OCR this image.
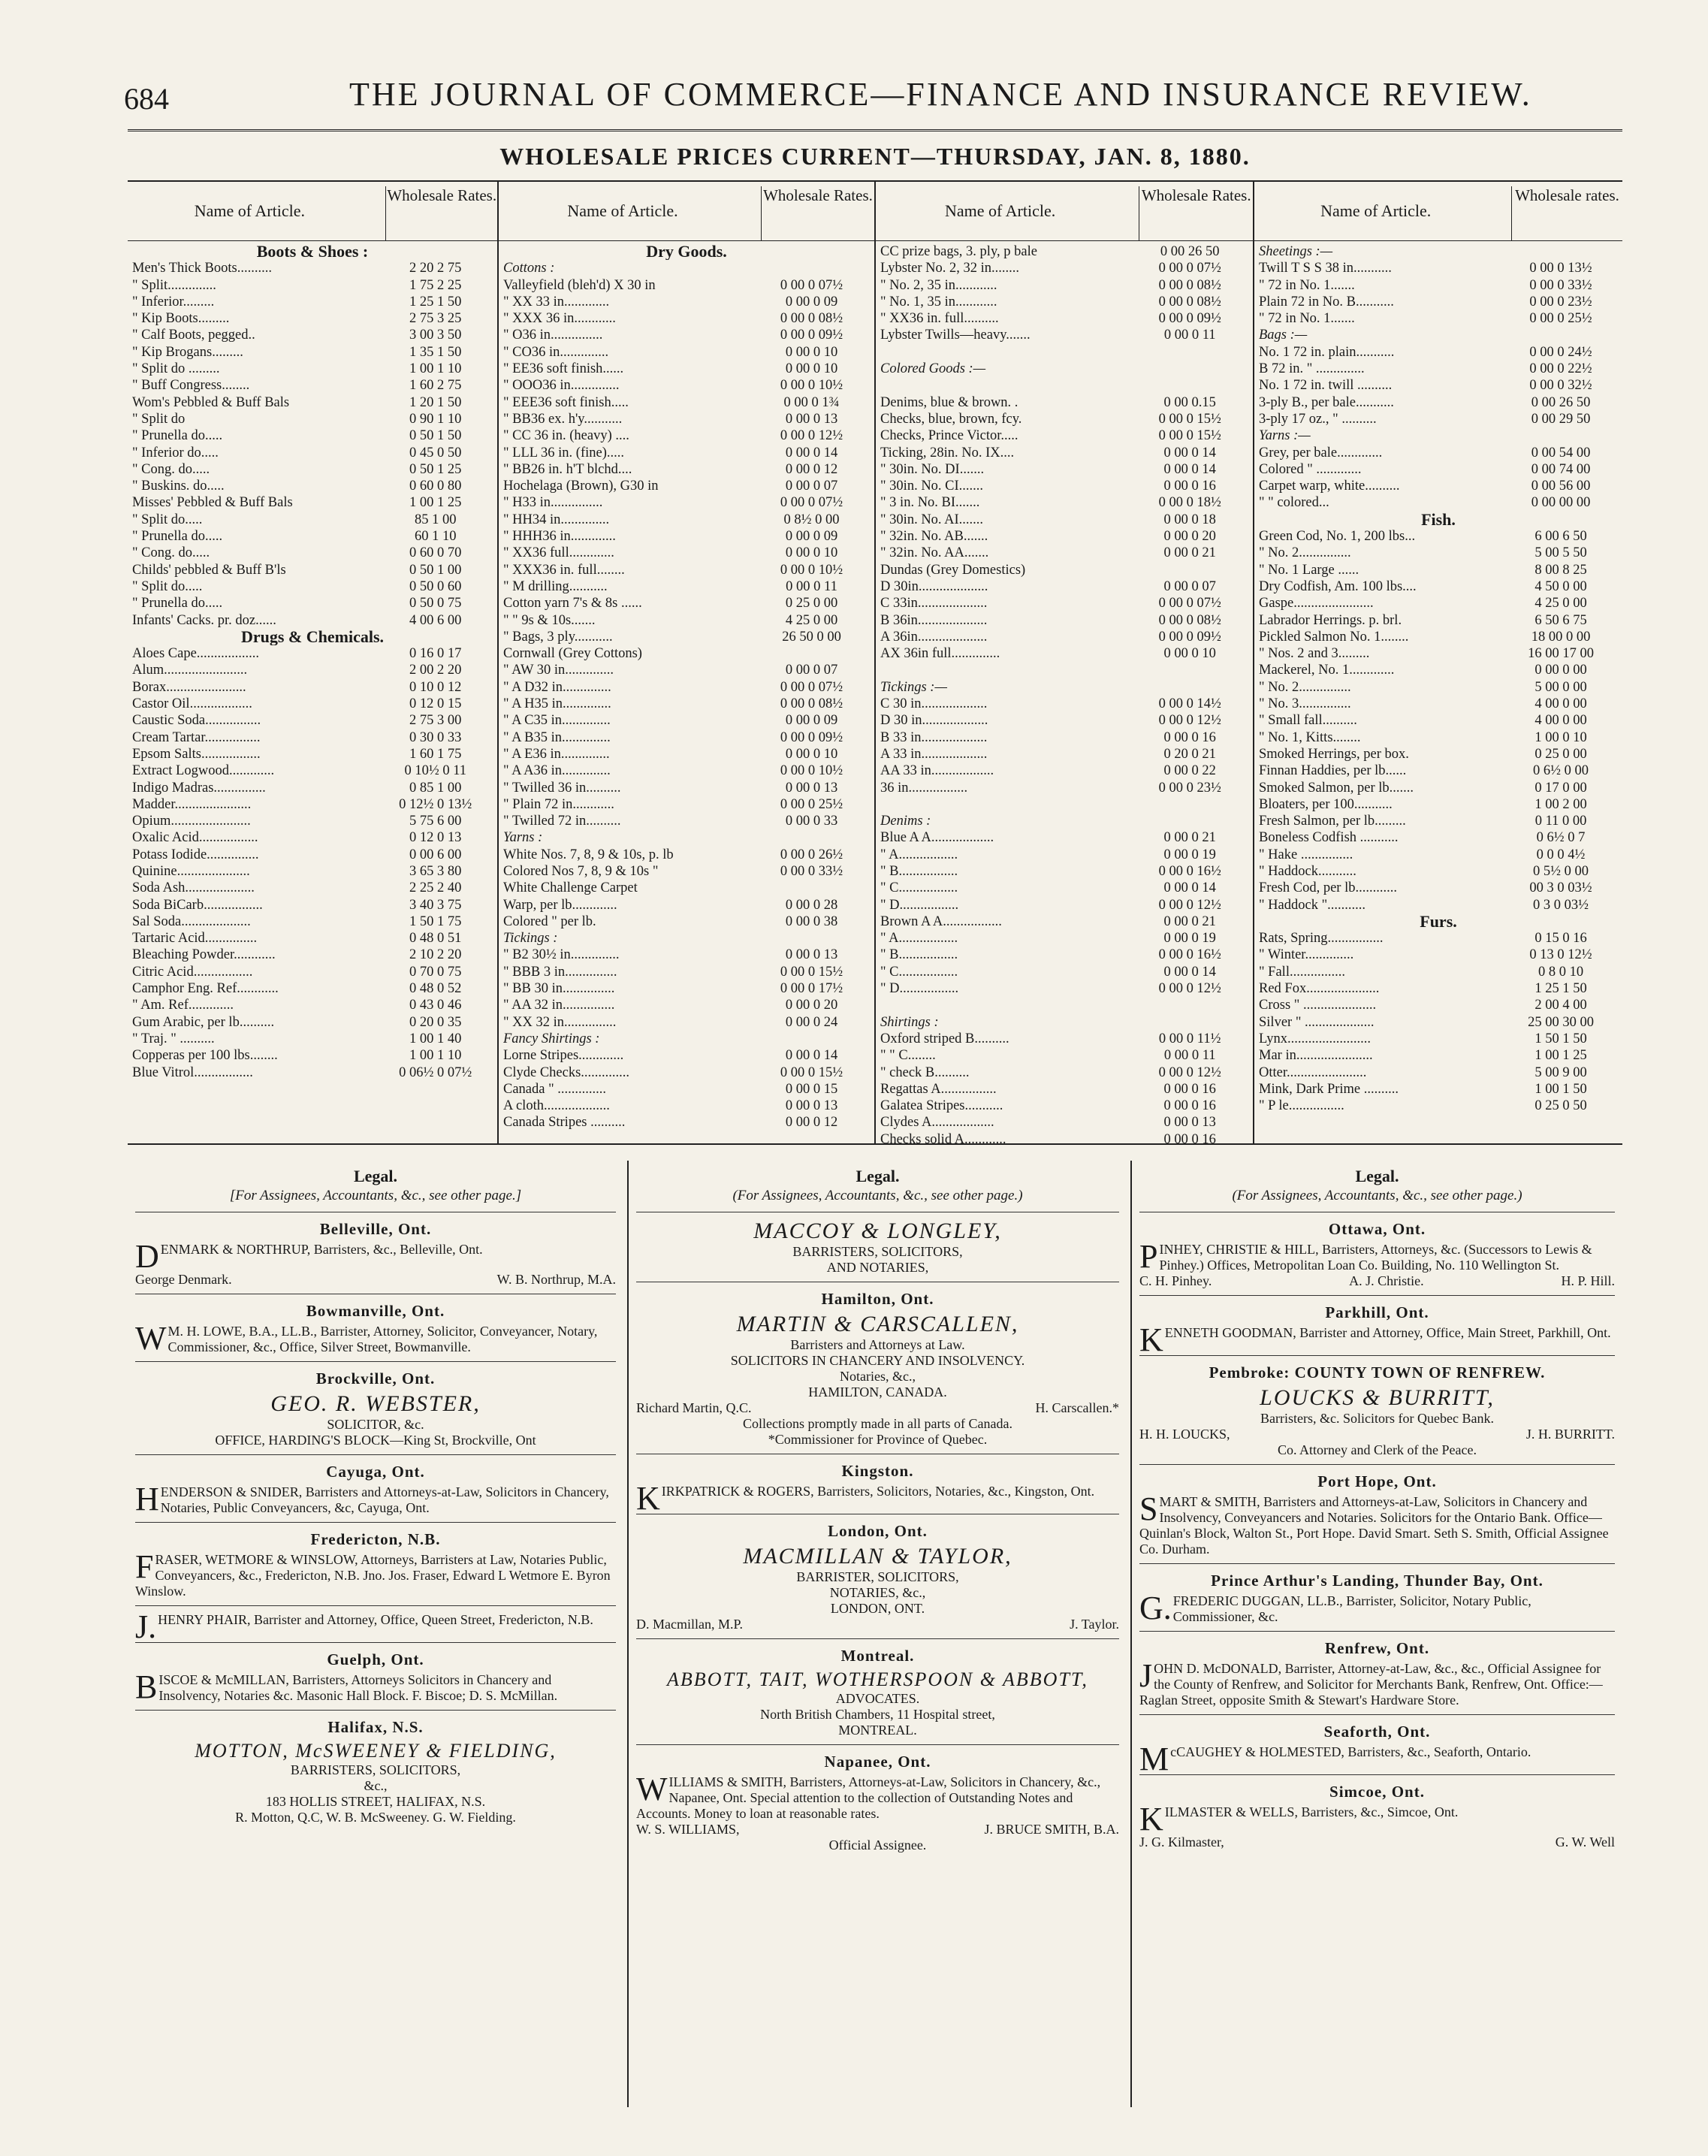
684	THE JOURNAL OF COMMERCE—FINANCE AND INSURANCE REVIEW.
WHOLESALE PRICES CURRENT—THURSDAY, JAN. 8, 1880.
Name of Article.
Wholesale Rates.
Boots & Shoes :
Men's Thick Boots..........	2 20 2 75
" Split..............	1 75 2 25
" Inferior.........	1 25 1 50
" Kip Boots.........	2 75 3 25
" Calf Boots, pegged..	3 00 3 50
" Kip Brogans.........	1 35 1 50
" Split do .........	1 00 1 10
" Buff Congress........	1 60 2 75
Wom's Pebbled & Buff Bals	1 20 1 50
" Split do	0 90 1 10
" Prunella do.....	0 50 1 50
" Inferior do.....	0 45 0 50
" Cong. do.....	0 50 1 25
" Buskins. do.....	0 60 0 80
Misses' Pebbled & Buff Bals	1 00 1 25
" Split do.....	85 1 00
" Prunella do.....	60 1 10
" Cong. do.....	0 60 0 70
Childs' pebbled & Buff B'ls	0 50 1 00
" Split do.....	0 50 0 60
" Prunella do.....	0 50 0 75
Infants' Cacks. pr. doz......	4 00 6 00
Drugs & Chemicals.
Aloes Cape..................	0 16 0 17
Alum........................	2 00 2 20
Borax.......................	0 10 0 12
Castor Oil..................	0 12 0 15
Caustic Soda................	2 75 3 00
Cream Tartar................	0 30 0 33
Epsom Salts.................	1 60 1 75
Extract Logwood.............	0 10½ 0 11
Indigo Madras...............	0 85 1 00
Madder......................	0 12½ 0 13½
Opium.......................	5 75 6 00
Oxalic Acid.................	0 12 0 13
Potass Iodide...............	0 00 6 00
Quinine.....................	3 65 3 80
Soda Ash....................	2 25 2 40
Soda BiCarb.................	3 40 3 75
Sal Soda....................	1 50 1 75
Tartaric Acid...............	0 48 0 51
Bleaching Powder............	2 10 2 20
Citric Acid.................	0 70 0 75
Camphor Eng. Ref............	0 48 0 52
" Am. Ref.............	0 43 0 46
Gum Arabic, per lb..........	0 20 0 35
" Traj. " ..........	1 00 1 40
Copperas per 100 lbs........	1 00 1 10
Blue Vitrol.................	0 06½ 0 07½
Name of Article.
Wholesale Rates.
Dry Goods.
Cottons :
Valleyfield (bleh'd) X 30 in	0 00 0 07½
" XX 33 in.............	0 00 0 09
" XXX 36 in............	0 00 0 08½
" O36 in...............	0 00 0 09½
" CO36 in..............	0 00 0 10
" EE36 soft finish......	0 00 0 10
" OOO36 in..............	0 00 0 10½
" EEE36 soft finish.....	0 00 0 1¾
" BB36 ex. h'y...........	0 00 0 13
" CC 36 in. (heavy) ....	0 00 0 12½
" LLL 36 in. (fine).....	0 00 0 14
" BB26 in. h'T blchd....	0 00 0 12
Hochelaga (Brown), G30 in	0 00 0 07
" H33 in...............	0 00 0 07½
" HH34 in..............	0 8½ 0 00
" HHH36 in.............	0 00 0 09
" XX36 full.............	0 00 0 10
" XXX36 in. full........	0 00 0 10½
" M drilling...........	0 00 0 11
Cotton yarn 7's & 8s ......	0 25 0 00
" " 9s & 10s.......	4 25 0 00
" Bags, 3 ply...........	26 50 0 00
Cornwall (Grey Cottons)
" AW 30 in..............	0 00 0 07
" A D32 in..............	0 00 0 07½
" A H35 in..............	0 00 0 08½
" A C35 in..............	0 00 0 09
" A B35 in..............	0 00 0 09½
" A E36 in..............	0 00 0 10
" A A36 in..............	0 00 0 10½
" Twilled 36 in..........	0 00 0 13
" Plain 72 in............	0 00 0 25½
" Twilled 72 in..........	0 00 0 33
Yarns :
White Nos. 7, 8, 9 & 10s, p. lb	0 00 0 26½
Colored Nos 7, 8, 9 & 10s "	0 00 0 33½
White Challenge Carpet
Warp, per lb.............	0 00 0 28
Colored " per lb.	0 00 0 38
Tickings :
" B2 30½ in..............	0 00 0 13
" BBB 3 in...............	0 00 0 15½
" BB 30 in...............	0 00 0 17½
" AA 32 in...............	0 00 0 20
" XX 32 in...............	0 00 0 24
Fancy Shirtings :
Lorne Stripes.............	0 00 0 14
Clyde Checks..............	0 00 0 15½
Canada " ..............	0 00 0 15
A cloth...................	0 00 0 13
Canada Stripes ..........	0 00 0 12
Name of Article.
Wholesale Rates.
CC prize bags, 3. ply, p bale	0 00 26 50
Lybster No. 2, 32 in........	0 00 0 07½
" No. 2, 35 in............	0 00 0 08½
" No. 1, 35 in............	0 00 0 08½
" XX36 in. full..........	0 00 0 09½
Lybster Twills—heavy.......	0 00 0 11
Colored Goods :—
Denims, blue & brown. .	0 00 0.15
Checks, blue, brown, fcy.	0 00 0 15½
Checks, Prince Victor.....	0 00 0 15½
Ticking, 28in. No. IX....	0 00 0 14
" 30in. No. DI.......	0 00 0 14
" 30in. No. CI.......	0 00 0 16
" 3 in. No. BI.......	0 00 0 18½
" 30in. No. AI.......	0 00 0 18
" 32in. No. AB.......	0 00 0 20
" 32in. No. AA.......	0 00 0 21
Dundas (Grey Domestics)
D 30in....................	0 00 0 07
C 33in....................	0 00 0 07½
B 36in....................	0 00 0 08½
A 36in....................	0 00 0 09½
AX 36in full..............	0 00 0 10
Tickings :—
C 30 in...................	0 00 0 14½
D 30 in...................	0 00 0 12½
B 33 in...................	0 00 0 16
A 33 in...................	0 20 0 21
AA 33 in..................	0 00 0 22
36 in.................	0 00 0 23½
Denims :
Blue A A..................	0 00 0 21
" A.................	0 00 0 19
" B.................	0 00 0 16½
" C.................	0 00 0 14
" D.................	0 00 0 12½
Brown A A.................	0 00 0 21
" A.................	0 00 0 19
" B.................	0 00 0 16½
" C.................	0 00 0 14
" D.................	0 00 0 12½
Shirtings :
Oxford striped B..........	0 00 0 11½
" " C........	0 00 0 11
" check B..........	0 00 0 12½
Regattas A................	0 00 0 16
Galatea Stripes...........	0 00 0 16
Clydes A..................	0 00 0 13
Checks solid A............	0 00 0 16
Name of Article.
Wholesale rates.
Sheetings :—
Twill T S S 38 in...........	0 00 0 13½
" 72 in No. 1.......	0 00 0 33½
Plain 72 in No. B...........	0 00 0 23½
" 72 in No. 1.......	0 00 0 25½
Bags :—
No. 1 72 in. plain...........	0 00 0 24½
B 72 in. " ..............	0 00 0 22½
No. 1 72 in. twill ..........	0 00 0 32½
3-ply B., per bale...........	0 00 26 50
3-ply 17 oz., " ..........	0 00 29 50
Yarns :—
Grey, per bale.............	0 00 54 00
Colored " .............	0 00 74 00
Carpet warp, white..........	0 00 56 00
" " colored...	0 00 00 00
Fish.
Green Cod, No. 1, 200 lbs...	6 00 6 50
" No. 2...............	5 00 5 50
" No. 1 Large ......	8 00 8 25
Dry Codfish, Am. 100 lbs....	4 50 0 00
Gaspe.......................	4 25 0 00
Labrador Herrings. p. brl.	6 50 6 75
Pickled Salmon No. 1........	18 00 0 00
" Nos. 2 and 3.........	16 00 17 00
Mackerel, No. 1.............	0 00 0 00
" No. 2...............	5 00 0 00
" No. 3...............	4 00 0 00
" Small fall..........	4 00 0 00
" No. 1, Kitts........	1 00 0 10
Smoked Herrings, per box.	0 25 0 00
Finnan Haddies, per lb......	0 6½ 0 00
Smoked Salmon, per lb.......	0 17 0 00
Bloaters, per 100...........	1 00 2 00
Fresh Salmon, per lb.........	0 11 0 00
Boneless Codfish ...........	0 6½ 0 7
" Hake ...............	0 0 0 4½
" Haddock...........	0 5½ 0 00
Fresh Cod, per lb............	00 3 0 03½
" Haddock "...........	0 3 0 03½
Furs.
Rats, Spring................	0 15 0 16
" Winter..............	0 13 0 12½
" Fall................	0 8 0 10
Red Fox.....................	1 25 1 50
Cross " .....................	2 00 4 00
Silver " ....................	25 00 30 00
Lynx........................	1 50 1 50
Mar in......................	1 00 1 25
Otter.......................	5 00 9 00
Mink, Dark Prime ..........	1 00 1 50
" P le................	0 25 0 50
Legal.
[For Assignees, Accountants, &c., see other page.]
Belleville, Ont.
DENMARK & NORTHRUP, Barristers, &c., Belleville, Ont.
George Denmark.	W. B. Northrup, M.A.
Bowmanville, Ont.
W M. H. LOWE, B.A., LL.B., Barrister, Attorney, Solicitor, Conveyancer, Notary, Commissioner, &c., Office, Silver Street, Bowmanville.
Brockville, Ont.
GEO. R. WEBSTER,
SOLICITOR, &c.
OFFICE, HARDING'S BLOCK—King St, Brockville, Ont
Cayuga, Ont.
HENDERSON & SNIDER, Barristers and Attorneys-at-Law, Solicitors in Chancery, Notaries, Public Conveyancers, &c, Cayuga, Ont.
Fredericton, N.B.
FRASER, WETMORE & WINSLOW, Attorneys, Barristers at Law, Notaries Public, Conveyancers, &c., Fredericton, N.B. Jno. Jos. Fraser, Edward L Wetmore E. Byron Winslow.
J. HENRY PHAIR, Barrister and Attorney, Office, Queen Street, Fredericton, N.B.
Guelph, Ont.
BISCOE & McMILLAN, Barristers, Attorneys Solicitors in Chancery and Insolvency, Notaries &c. Masonic Hall Block. F. Biscoe; D. S. McMillan.
Halifax, N.S.
MOTTON, McSWEENEY & FIELDING,
BARRISTERS, SOLICITORS,
&c.,
183 HOLLIS STREET, HALIFAX, N.S.
R. Motton, Q.C, W. B. McSweeney. G. W. Fielding.
Legal.
(For Assignees, Accountants, &c., see other page.)
MACCOY & LONGLEY,
BARRISTERS, SOLICITORS,
AND NOTARIES,
Hamilton, Ont.
MARTIN & CARSCALLEN,
Barristers and Attorneys at Law.
SOLICITORS IN CHANCERY AND INSOLVENCY.
Notaries, &c.,
HAMILTON, CANADA.
Richard Martin, Q.C.	H. Carscallen.*
Collections promptly made in all parts of Canada.
*Commissioner for Province of Quebec.
Kingston.
KIRKPATRICK & ROGERS, Barristers, Solicitors, Notaries, &c., Kingston, Ont.
London, Ont.
MACMILLAN & TAYLOR,
BARRISTER, SOLICITORS,
NOTARIES, &c.,
LONDON, ONT.
D. Macmillan, M.P.	J. Taylor.
Montreal.
ABBOTT, TAIT, WOTHERSPOON & ABBOTT,
ADVOCATES.
North British Chambers, 11 Hospital street,
MONTREAL.
Napanee, Ont.
WILLIAMS & SMITH, Barristers, Attorneys-at-Law, Solicitors in Chancery, &c., Napanee, Ont. Special attention to the collection of Outstanding Notes and Accounts. Money to loan at reasonable rates.
W. S. WILLIAMS,	J. BRUCE SMITH, B.A.
Official Assignee.
Legal.
(For Assignees, Accountants, &c., see other page.)
Ottawa, Ont.
PINHEY, CHRISTIE & HILL, Barristers, Attorneys, &c. (Successors to Lewis & Pinhey.) Offices, Metropolitan Loan Co. Building, No. 110 Wellington St.
C. H. Pinhey.	A. J. Christie.	H. P. Hill.
Parkhill, Ont.
KENNETH GOODMAN, Barrister and Attorney, Office, Main Street, Parkhill, Ont.
Pembroke: COUNTY TOWN OF RENFREW.
LOUCKS & BURRITT,
Barristers, &c. Solicitors for Quebec Bank.
H. H. LOUCKS,	J. H. BURRITT.
Co. Attorney and Clerk of the Peace.
Port Hope, Ont.
SMART & SMITH, Barristers and Attorneys-at-Law, Solicitors in Chancery and Insolvency, Conveyancers and Notaries. Solicitors for the Ontario Bank. Office—Quinlan's Block, Walton St., Port Hope. David Smart. Seth S. Smith, Official Assignee Co. Durham.
Prince Arthur's Landing, Thunder Bay, Ont.
G. FREDERIC DUGGAN, LL.B., Barrister, Solicitor, Notary Public, Commissioner, &c.
Renfrew, Ont.
JOHN D. McDONALD, Barrister, Attorney-at-Law, &c., &c., Official Assignee for the County of Renfrew, and Solicitor for Merchants Bank, Renfrew, Ont. Office:—Raglan Street, opposite Smith & Stewart's Hardware Store.
Seaforth, Ont.
McCAUGHEY & HOLMESTED, Barristers, &c., Seaforth, Ontario.
Simcoe, Ont.
KILMASTER & WELLS, Barristers, &c., Simcoe, Ont.
J. G. Kilmaster,	G. W. Well
